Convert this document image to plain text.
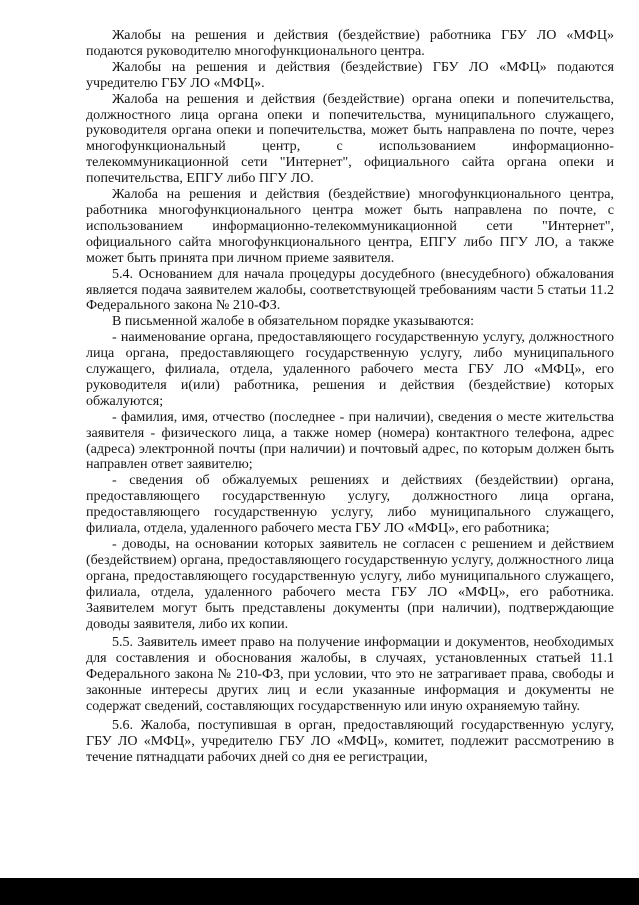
Жалобы на решения и действия (бездействие) работника ГБУ ЛО «МФЦ» подаются руководителю многофункционального центра.

Жалобы на решения и действия (бездействие) ГБУ ЛО «МФЦ» подаются учредителю ГБУ ЛО «МФЦ».

Жалоба на решения и действия (бездействие) органа опеки и попечительства, должностного лица органа опеки и попечительства, муниципального служащего, руководителя органа опеки и попечительства, может быть направлена по почте, через многофункциональный центр, с использованием информационно-телекоммуникационной сети "Интернет", официального сайта органа опеки и попечительства, ЕПГУ либо ПГУ ЛО.

Жалоба на решения и действия (бездействие) многофункционального центра, работника многофункционального центра может быть направлена по почте, с использованием информационно-телекоммуникационной сети "Интернет", официального сайта многофункционального центра, ЕПГУ либо ПГУ ЛО, а также может быть принята при личном приеме заявителя.

5.4. Основанием для начала процедуры досудебного (внесудебного) обжалования является подача заявителем жалобы, соответствующей требованиям части 5 статьи 11.2 Федерального закона № 210-ФЗ.

В письменной жалобе в обязательном порядке указываются:

- наименование органа, предоставляющего государственную услугу, должностного лица органа, предоставляющего государственную услугу, либо муниципального служащего, филиала, отдела, удаленного рабочего места ГБУ ЛО «МФЦ», его руководителя и(или) работника, решения и действия (бездействие) которых обжалуются;

- фамилия, имя, отчество (последнее - при наличии), сведения о месте жительства заявителя - физического лица, а также номер (номера) контактного телефона, адрес (адреса) электронной почты (при наличии) и почтовый адрес, по которым должен быть направлен ответ заявителю;

- сведения об обжалуемых решениях и действиях (бездействии) органа, предоставляющего государственную услугу, должностного лица органа, предоставляющего государственную услугу, либо муниципального служащего, филиала, отдела, удаленного рабочего места ГБУ ЛО «МФЦ», его работника;

- доводы, на основании которых заявитель не согласен с решением и действием (бездействием) органа, предоставляющего государственную услугу, должностного лица органа, предоставляющего государственную услугу, либо муниципального служащего, филиала, отдела, удаленного рабочего места ГБУ ЛО «МФЦ», его работника. Заявителем могут быть представлены документы (при наличии), подтверждающие доводы заявителя, либо их копии.

5.5. Заявитель имеет право на получение информации и документов, необходимых для составления и обоснования жалобы, в случаях, установленных статьей 11.1 Федерального закона № 210-ФЗ, при условии, что это не затрагивает права, свободы и законные интересы других лиц и если указанные информация и документы не содержат сведений, составляющих государственную или иную охраняемую тайну.

5.6. Жалоба, поступившая в орган, предоставляющий государственную услугу, ГБУ ЛО «МФЦ», учредителю ГБУ ЛО «МФЦ», комитет, подлежит рассмотрению в течение пятнадцати рабочих дней со дня ее регистрации,
